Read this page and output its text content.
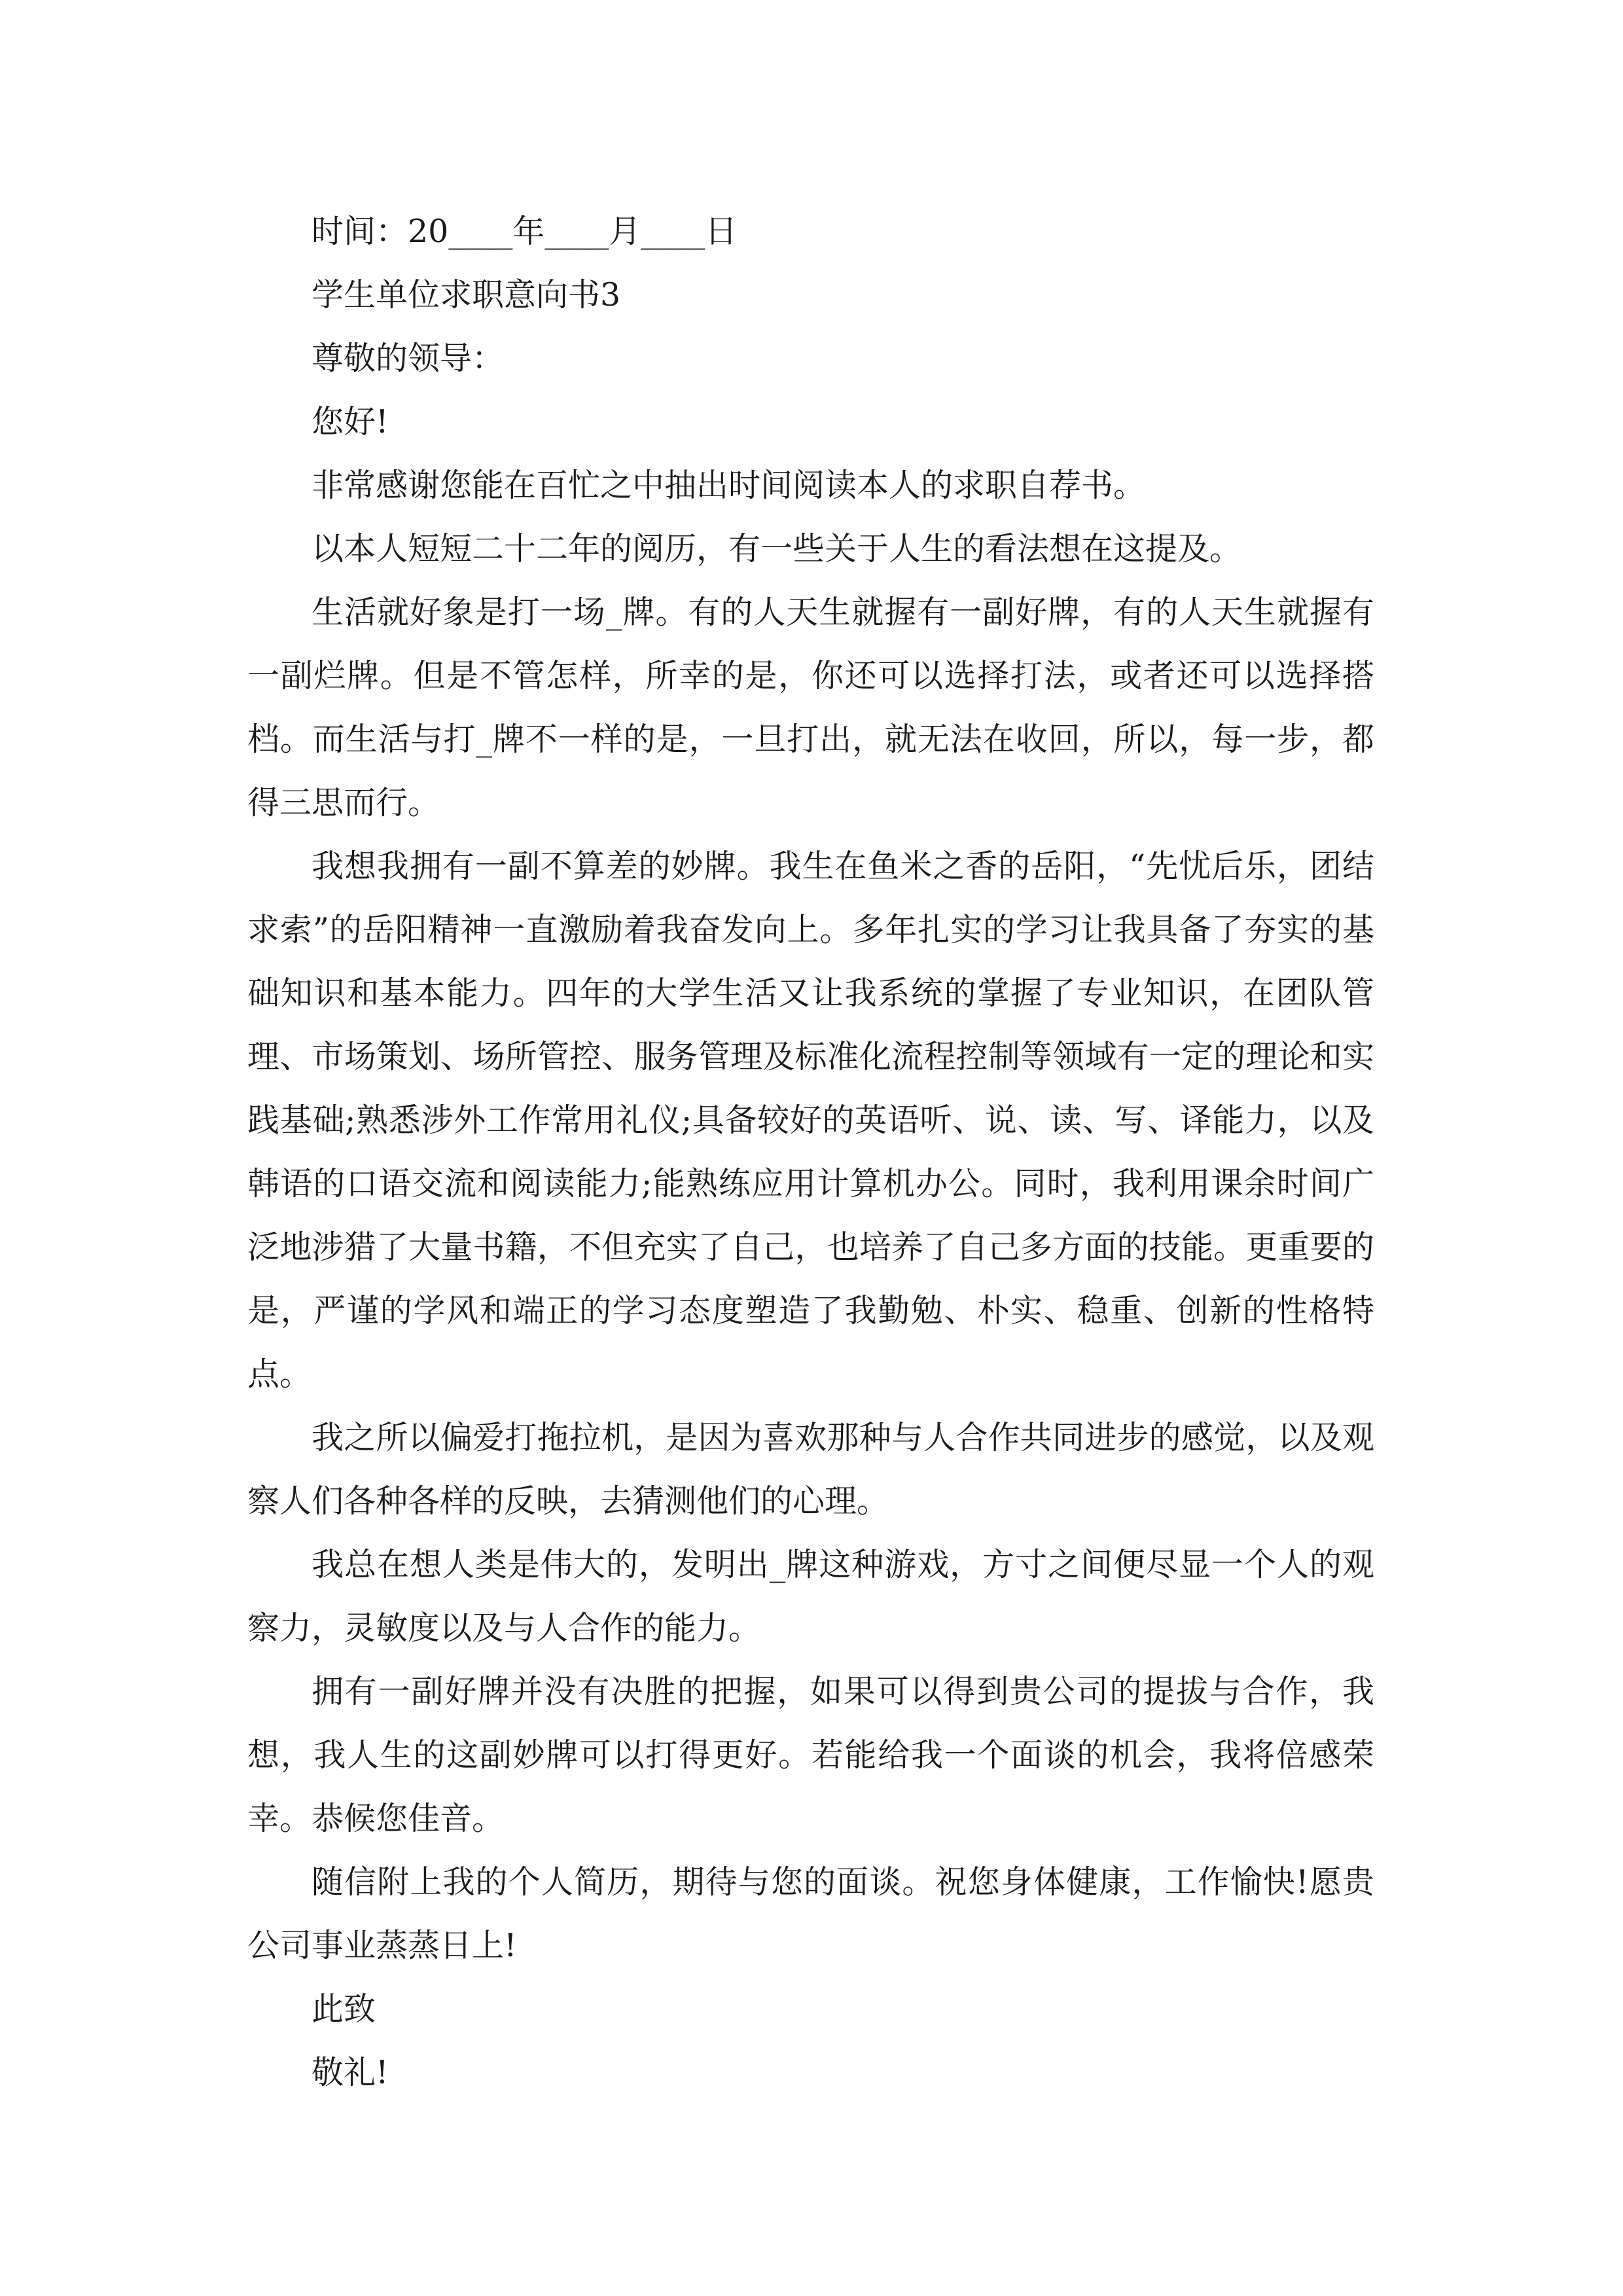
时间：20____年____月____日

学生单位求职意向书3

尊敬的领导：

您好!

非常感谢您能在百忙之中抽出时间阅读本人的求职自荐书。

以本人短短二十二年的阅历，有一些关于人生的看法想在这提及。

生活就好象是打一场_牌。有的人天生就握有一副好牌，有的人天生就握有一副烂牌。但是不管怎样，所幸的是，你还可以选择打法，或者还可以选择搭档。而生活与打_牌不一样的是，一旦打出，就无法在收回，所以，每一步，都得三思而行。

我想我拥有一副不算差的妙牌。我生在鱼米之香的岳阳，“先忧后乐，团结求索”的岳阳精神一直激励着我奋发向上。多年扎实的学习让我具备了夯实的基础知识和基本能力。四年的大学生活又让我系统的掌握了专业知识，在团队管理、市场策划、场所管控、服务管理及标准化流程控制等领域有一定的理论和实践基础;熟悉涉外工作常用礼仪;具备较好的英语听、说、读、写、译能力，以及韩语的口语交流和阅读能力;能熟练应用计算机办公。同时，我利用课余时间广泛地涉猎了大量书籍，不但充实了自己，也培养了自己多方面的技能。更重要的是，严谨的学风和端正的学习态度塑造了我勤勉、朴实、稳重、创新的性格特点。

我之所以偏爱打拖拉机，是因为喜欢那种与人合作共同进步的感觉，以及观察人们各种各样的反映，去猜测他们的心理。

我总在想人类是伟大的，发明出_牌这种游戏，方寸之间便尽显一个人的观察力，灵敏度以及与人合作的能力。

拥有一副好牌并没有决胜的把握，如果可以得到贵公司的提拔与合作，我想，我人生的这副妙牌可以打得更好。若能给我一个面谈的机会，我将倍感荣幸。恭候您佳音。

随信附上我的个人简历，期待与您的面谈。祝您身体健康，工作愉快!愿贵公司事业蒸蒸日上!

此致

敬礼!
